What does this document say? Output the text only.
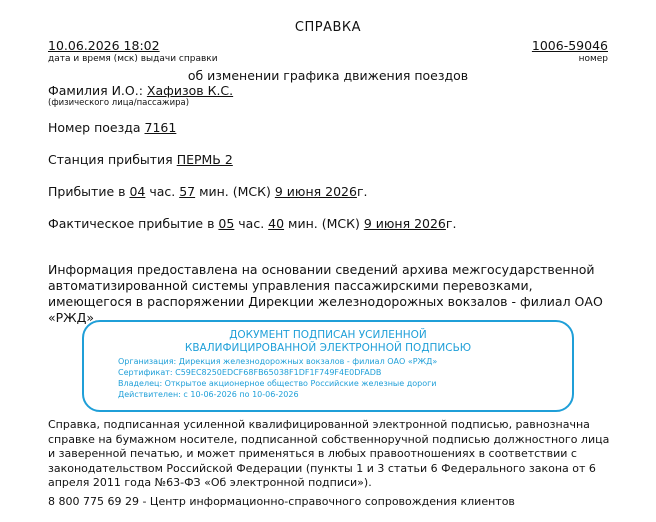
СПРАВКА
10.06.2026 18:02
дата и время (мск) выдачи справки
1006-59046
номер
об изменении графика движения поездов
Фамилия И.О.: Хафизов К.С.
(физического лица/пассажира)
Номер поезда 7161
Станция прибытия ПЕРМЬ 2
Прибытие в 04 час. 57 мин. (МСК) 9 июня 2026г.
Фактическое прибытие в 05 час. 40 мин. (МСК) 9 июня 2026г.
Информация предоставлена на основании сведений архива межгосударственной автоматизированной системы управления пассажирскими перевозками, имеющегося в распоряжении Дирекции железнодорожных вокзалов - филиал ОАО «РЖД».
ДОКУМЕНТ ПОДПИСАН УСИЛЕННОЙ
КВАЛИФИЦИРОВАННОЙ ЭЛЕКТРОННОЙ ПОДПИСЬЮ
Организация: Дирекция железнодорожных вокзалов - филиал ОАО «РЖД»
Сертификат: C59EC8250EDCF68FB65038F1DF1F749F4E0DFADB
Владелец: Открытое акционерное общество Российские железные дороги
Действителен: с 10-06-2026 по 10-06-2026
Справка, подписанная усиленной квалифицированной электронной подписью, равнозначна справке на бумажном носителе, подписанной собственноручной подписью должностного лица и заверенной печатью, и может применяться в любых правоотношениях в соответствии с законодательством Российской Федерации (пункты 1 и 3 статьи 6 Федерального закона от 6 апреля 2011 года №63-ФЗ «Об электронной подписи»).
8 800 775 69 29 - Центр информационно-справочного сопровождения клиентов
